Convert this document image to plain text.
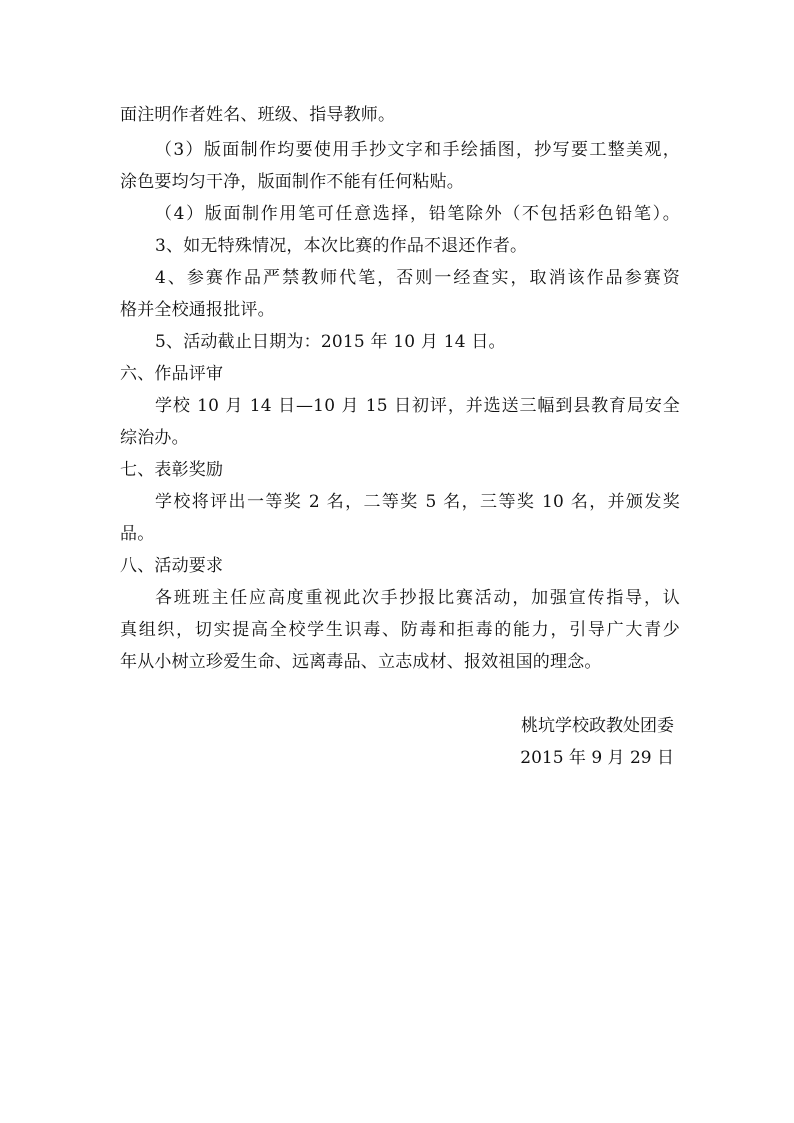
面注明作者姓名、班级、指导教师。
（3）版面制作均要使用手抄文字和手绘插图，抄写要工整美观，
涂色要均匀干净，版面制作不能有任何粘贴。
（4）版面制作用笔可任意选择，铅笔除外（不包括彩色铅笔）。
3、如无特殊情况，本次比赛的作品不退还作者。
4、参赛作品严禁教师代笔，否则一经查实，取消该作品参赛资
格并全校通报批评。
5、活动截止日期为：2015 年 10 月 14 日。
六、作品评审
学校 10 月 14 日—10 月 15 日初评，并选送三幅到县教育局安全
综治办。
七、表彰奖励
学校将评出一等奖 2 名，二等奖 5 名，三等奖 10 名，并颁发奖
品。
八、活动要求
各班班主任应高度重视此次手抄报比赛活动，加强宣传指导，认
真组织，切实提高全校学生识毒、防毒和拒毒的能力，引导广大青少
年从小树立珍爱生命、远离毒品、立志成材、报效祖国的理念。
桃坑学校政教处团委
2015 年 9 月 29 日
